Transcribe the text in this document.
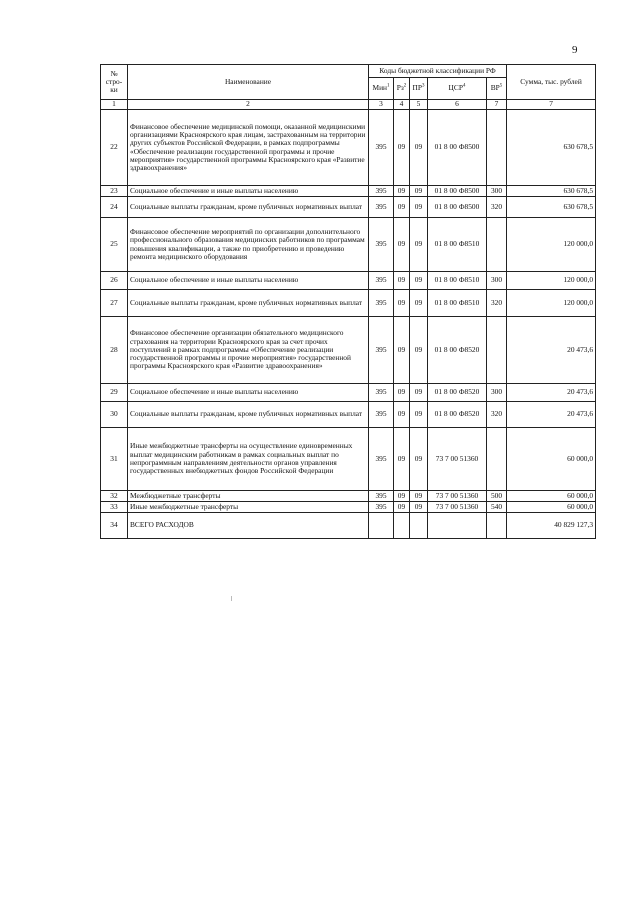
9
№
стро-
ки	Наименование	Коды бюджетной классификации РФ					Сумма, тыс. рублей
		Мин$^1$	$Рз^2$	$ПР^3$	ЦСР$^4$	$ВР^5$
1	2	3	4	5	6	7	7
22	Финансовое обеспечение медицинской помощи, оказанной медицинскими организациями Красноярского края лицам, застрахованным на территории других субъектов Российской Федерации, в рамках подпрограммы «Обеспечение реализации государственной программы и прочие мероприятия» государственной программы Красноярского края «Развитие здравоохранения»	395	09	09	01 8 00 Ф8500		630 678,5
23	Социальное обеспечение и иные выплаты населению	395	09	09	01 8 00 Ф8500	300	630 678,5
24	Социальные выплаты гражданам, кроме публичных нормативных выплат	395	09	09	01 8 00 Ф8500	320	630 678,5
25	Финансовое обеспечение мероприятий по организации дополнительного профессионального образования медицинских работников по программам повышения квалификации, а также по приобретению и проведению ремонта медицинского оборудования	395	09	09	01 8 00 Ф8510		120 000,0
26	Социальное обеспечение и иные выплаты населению	395	09	09	01 8 00 Ф8510	300	120 000,0
27	Социальные выплаты гражданам, кроме публичных нормативных выплат	395	09	09	01 8 00 Ф8510	320	120 000,0
28	Финансовое обеспечение организации обязательного медицинского страхования на территории Красноярского края за счет прочих поступлений в рамках подпрограммы «Обеспечение реализации государственной программы и прочие мероприятия» государственной программы Красноярского края «Развитие здравоохранения»	395	09	09	01 8 00 Ф8520		20 473,6
29	Социальное обеспечение и иные выплаты населению	395	09	09	01 8 00 Ф8520	300	20 473,6
30	Социальные выплаты гражданам, кроме публичных нормативных выплат	395	09	09	01 8 00 Ф8520	320	20 473,6
31	Иные межбюджетные трансферты на осуществление единовременных выплат медицинским работникам в рамках социальных выплат по непрограммным направлениям деятельности органов управления государственных внебюджетных фондов Российской Федерации	395	09	09	73 7 00 51360		60 000,0
32	Межбюджетные трансферты	395	09	09	73 7 00 51360	500	60 000,0
33	Иные межбюджетные трансферты	395	09	09	73 7 00 51360	540	60 000,0
34	ВСЕГО РАСХОДОВ						40 829 127,3
